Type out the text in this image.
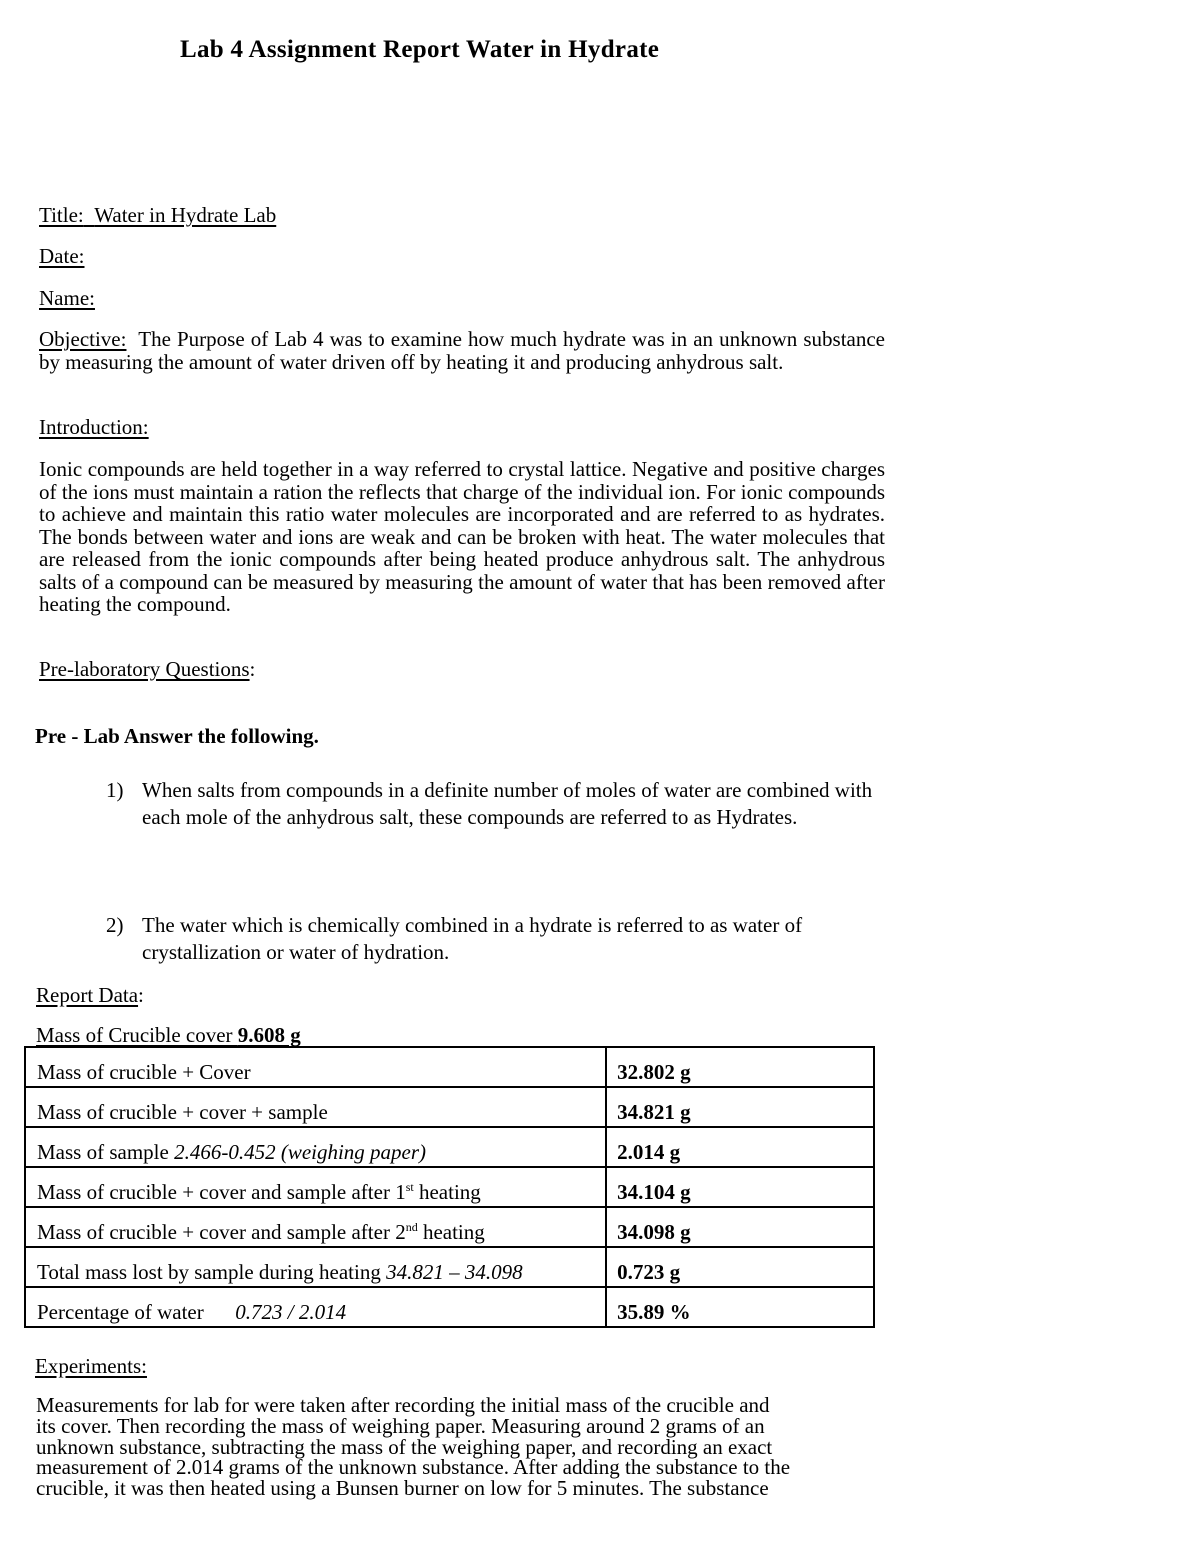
Lab 4 Assignment Report Water in Hydrate
Title: Water in Hydrate Lab
Date:
Name:
Objective: The Purpose of Lab 4 was to examine how much hydrate was in an unknown substance by measuring the amount of water driven off by heating it and producing anhydrous salt.
Introduction:
Ionic compounds are held together in a way referred to crystal lattice. Negative and positive charges of the ions must maintain a ration the reflects that charge of the individual ion. For ionic compounds to achieve and maintain this ratio water molecules are incorporated and are referred to as hydrates. The bonds between water and ions are weak and can be broken with heat. The water molecules that are released from the ionic compounds after being heated produce anhydrous salt. The anhydrous salts of a compound can be measured by measuring the amount of water that has been removed after heating the compound.
Pre-laboratory Questions:
Pre - Lab Answer the following.
1) When salts from compounds in a definite number of moles of water are combined with each mole of the anhydrous salt, these compounds are referred to as Hydrates.
2) The water which is chemically combined in a hydrate is referred to as water of crystallization or water of hydration.
Report Data:
Mass of Crucible cover 9.608 g
Mass of crucible + Cover	32.802 g
Mass of crucible + cover + sample	34.821 g
Mass of sample 2.466-0.452 (weighing paper)	2.014 g
Mass of crucible + cover and sample after 1st heating	34.104 g
Mass of crucible + cover and sample after 2nd heating	34.098 g
Total mass lost by sample during heating 34.821 – 34.098	0.723 g
Percentage of water      0.723 / 2.014	35.89 %
Experiments:
Measurements for lab for were taken after recording the initial mass of the crucible and
its cover. Then recording the mass of weighing paper. Measuring around 2 grams of an
unknown substance, subtracting the mass of the weighing paper, and recording an exact
measurement of 2.014 grams of the unknown substance. After adding the substance to the
crucible, it was then heated using a Bunsen burner on low for 5 minutes. The substance
